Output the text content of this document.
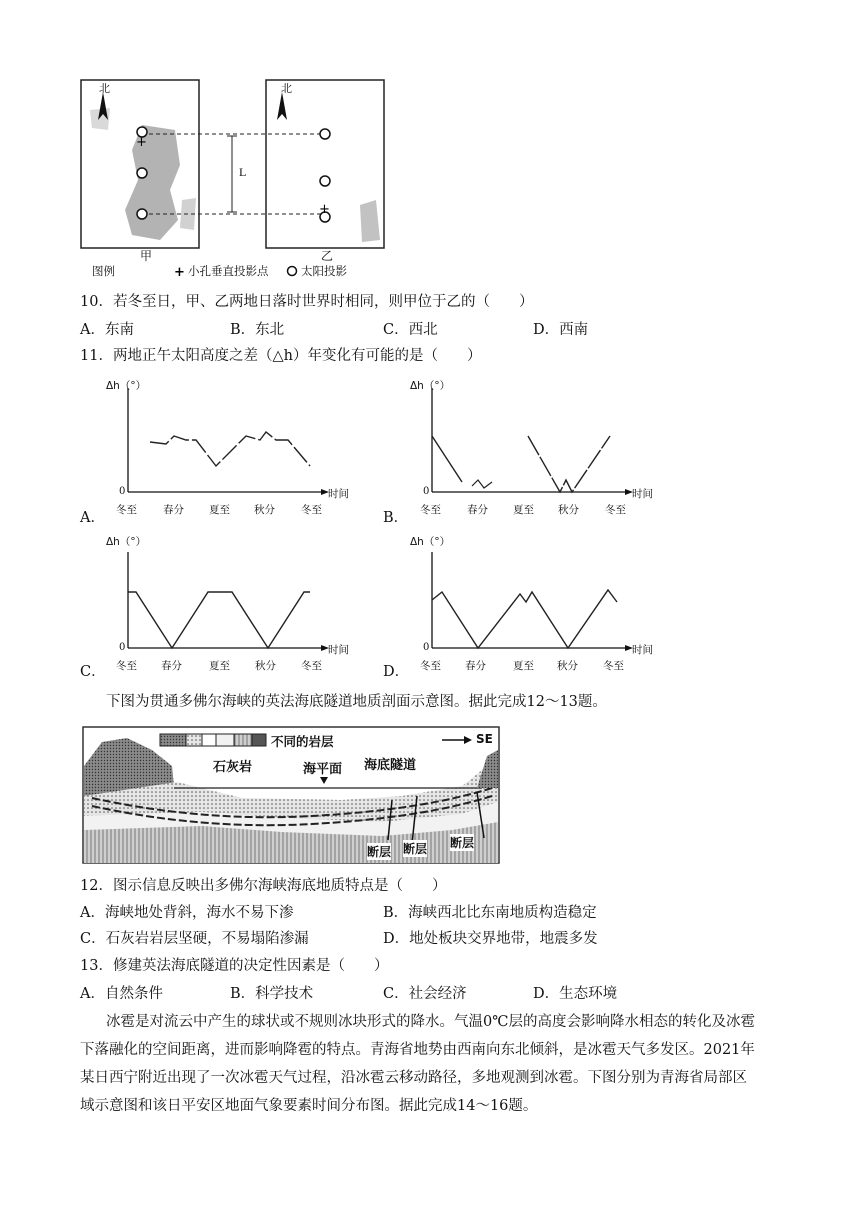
+
+
+
北	北
L
甲	乙
图例	小孔垂直投影点	太阳投影
10．若冬至日，甲、乙两地日落时世界时相同，则甲位于乙的（　　）
A．东南	B．东北	C．西北	D．西南
11．两地正午太阳高度之差（△h）年变化有可能的是（　　）
Δh（°）
0	时间
冬至 春分 夏至 秋分 冬至
A．
Δh（°）
0	时间
冬至 春分 夏至 秋分 冬至
B．
Δh（°）
0	时间
冬至 春分	夏至 秋分 冬至
C．
Δh（°）
0	时间
冬至 春分	夏至 秋分 冬至
D．
下图为贯通多佛尔海峡的英法海底隧道地质剖面示意图。据此完成12～13题。
不同的岩层	SE
石灰岩	海平面 海底隧道
断层 断层 断层
12．图示信息反映出多佛尔海峡海底地质特点是（　　）
A．海峡地处背斜，海水不易下渗	B．海峡西北比东南地质构造稳定
C．石灰岩岩层坚硬，不易塌陷渗漏	D．地处板块交界地带，地震多发
13．修建英法海底隧道的决定性因素是（　　）
A．自然条件	B．科学技术	C．社会经济	D．生态环境
冰雹是对流云中产生的球状或不规则冰块形式的降水。气温0℃层的高度会影响降水相态的转化及冰雹
下落融化的空间距离，进而影响降雹的特点。青海省地势由西南向东北倾斜，是冰雹天气多发区。2021年
某日西宁附近出现了一次冰雹天气过程，沿冰雹云移动路径，多地观测到冰雹。下图分别为青海省局部区
域示意图和该日平安区地面气象要素时间分布图。据此完成14～16题。
